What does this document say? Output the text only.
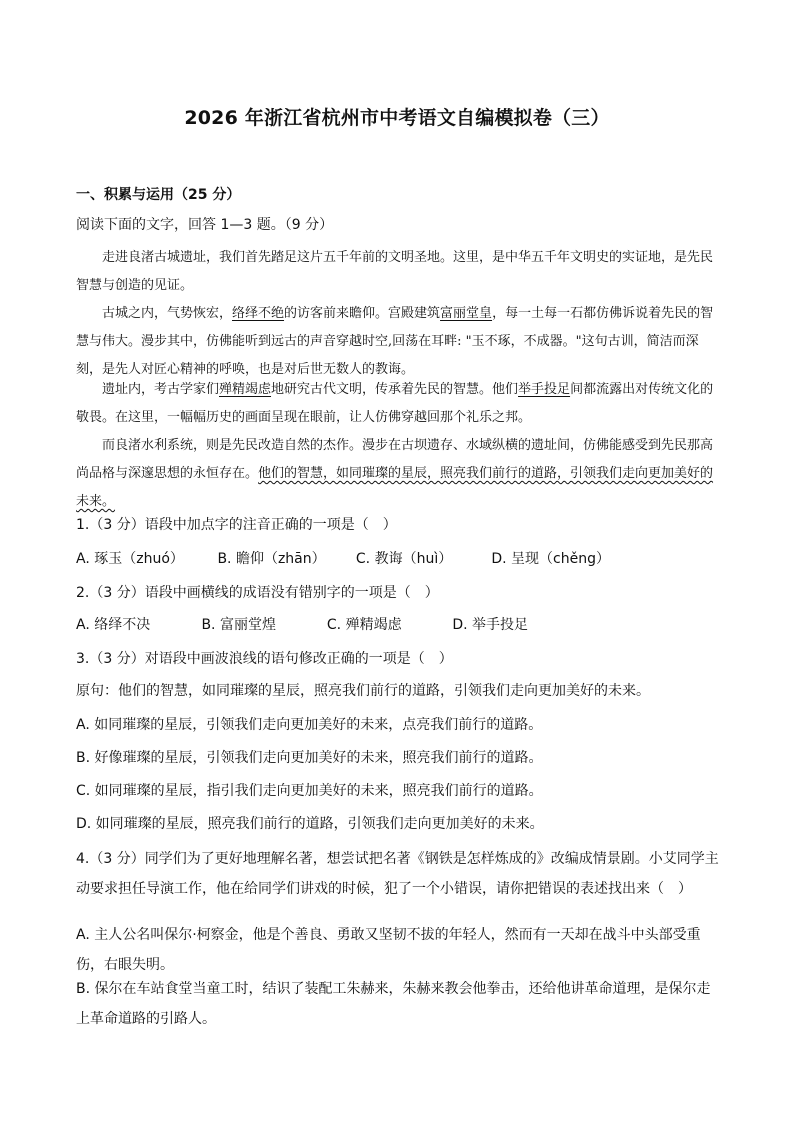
2026 年浙江省杭州市中考语文自编模拟卷（三）
一、积累与运用（25 分）
阅读下面的文字，回答 1—3 题。（9 分）
走进良渚古城遗址，我们首先踏足这片五千年前的文明圣地。这里，是中华五千年文明史的实证地，是先民智慧与创造的见证。
古城之内，气势恢宏，络绎不绝的访客前来瞻仰。宫殿建筑富丽堂皇，每一土每一石都仿佛诉说着先民的智慧与伟大。漫步其中，仿佛能听到远古的声音穿越时空,回荡在耳畔: "玉不琢，不成器。"这句古训，简洁而深刻，是先人对匠心精神的呼唤，也是对后世无数人的教诲。
遗址内，考古学家们殚精竭虑地研究古代文明，传承着先民的智慧。他们举手投足间都流露出对传统文化的敬畏。在这里，一幅幅历史的画面呈现在眼前，让人仿佛穿越回那个礼乐之邦。
而良渚水利系统，则是先民改造自然的杰作。漫步在古坝遗存、水域纵横的遗址间，仿佛能感受到先民那高尚品格与深邃思想的永恒存在。他们的智慧，如同璀璨的星辰，照亮我们前行的道路，引领我们走向更加美好的未来。
1.（3 分）语段中加点字的注音正确的一项是（　）
A. 琢玉（zhuó） B. 瞻仰（zhān） C. 教诲（huì）	D. 呈现（chěng）
2.（3 分）语段中画横线的成语没有错别字的一项是（　）
A. 络绎不决	B. 富丽堂煌	C. 殚精竭虑	D. 举手投足
3.（3 分）对语段中画波浪线的语句修改正确的一项是（　）
原句：他们的智慧，如同璀璨的星辰，照亮我们前行的道路，引领我们走向更加美好的未来。
A. 如同璀璨的星辰，引领我们走向更加美好的未来，点亮我们前行的道路。
B. 好像璀璨的星辰，引领我们走向更加美好的未来，照亮我们前行的道路。
C. 如同璀璨的星辰，指引我们走向更加美好的未来，照亮我们前行的道路。
D. 如同璀璨的星辰，照亮我们前行的道路，引领我们走向更加美好的未来。
4.（3 分）同学们为了更好地理解名著，想尝试把名著《钢铁是怎样炼成的》改编成情景剧。小艾同学主动要求担任导演工作，他在给同学们讲戏的时候，犯了一个小错误，请你把错误的表述找出来（　）
A. 主人公名叫保尔·柯察金，他是个善良、勇敢又坚韧不拔的年轻人，然而有一天却在战斗中头部受重伤，右眼失明。
B. 保尔在车站食堂当童工时，结识了装配工朱赫来，朱赫来教会他拳击，还给他讲革命道理，是保尔走上革命道路的引路人。
